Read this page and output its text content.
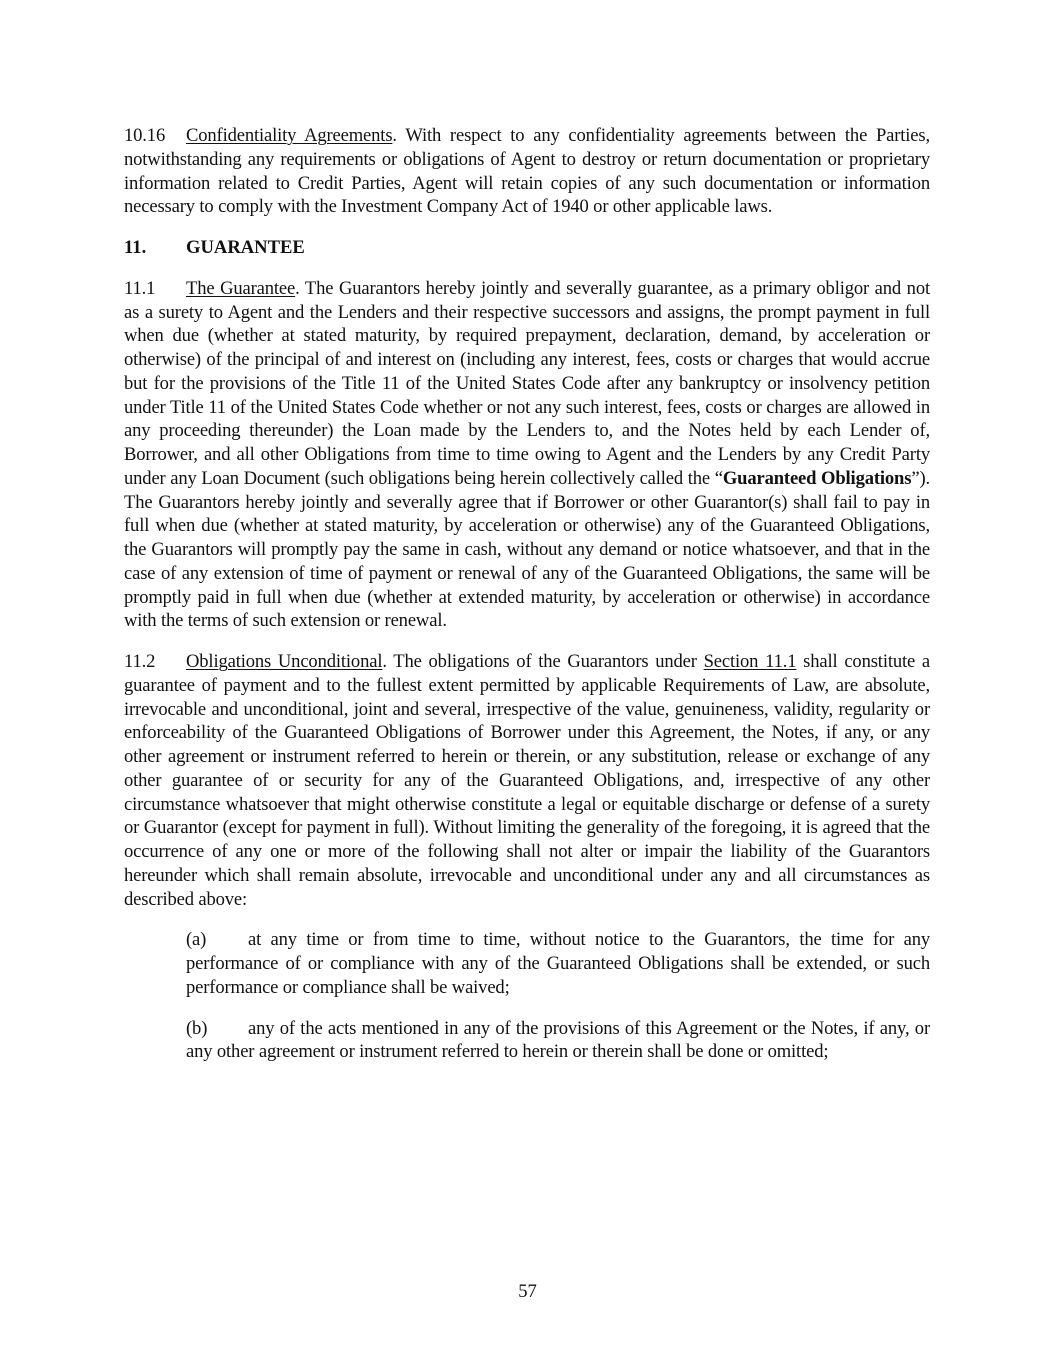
10.16 Confidentiality Agreements. With respect to any confidentiality agreements between the Parties, notwithstanding any requirements or obligations of Agent to destroy or return documentation or proprietary information related to Credit Parties, Agent will retain copies of any such documentation or information necessary to comply with the Investment Company Act of 1940 or other applicable laws.

11. GUARANTEE

11.1 The Guarantee. The Guarantors hereby jointly and severally guarantee, as a primary obligor and not as a surety to Agent and the Lenders and their respective successors and assigns, the prompt payment in full when due (whether at stated maturity, by required prepayment, declaration, demand, by acceleration or otherwise) of the principal of and interest on (including any interest, fees, costs or charges that would accrue but for the provisions of the Title 11 of the United States Code after any bankruptcy or insolvency petition under Title 11 of the United States Code whether or not any such interest, fees, costs or charges are allowed in any proceeding thereunder) the Loan made by the Lenders to, and the Notes held by each Lender of, Borrower, and all other Obligations from time to time owing to Agent and the Lenders by any Credit Party under any Loan Document (such obligations being herein collectively called the “Guaranteed Obligations”). The Guarantors hereby jointly and severally agree that if Borrower or other Guarantor(s) shall fail to pay in full when due (whether at stated maturity, by acceleration or otherwise) any of the Guaranteed Obligations, the Guarantors will promptly pay the same in cash, without any demand or notice whatsoever, and that in the case of any extension of time of payment or renewal of any of the Guaranteed Obligations, the same will be promptly paid in full when due (whether at extended maturity, by acceleration or otherwise) in accordance with the terms of such extension or renewal.

11.2 Obligations Unconditional. The obligations of the Guarantors under Section 11.1 shall constitute a guarantee of payment and to the fullest extent permitted by applicable Requirements of Law, are absolute, irrevocable and unconditional, joint and several, irrespective of the value, genuineness, validity, regularity or enforceability of the Guaranteed Obligations of Borrower under this Agreement, the Notes, if any, or any other agreement or instrument referred to herein or therein, or any substitution, release or exchange of any other guarantee of or security for any of the Guaranteed Obligations, and, irrespective of any other circumstance whatsoever that might otherwise constitute a legal or equitable discharge or defense of a surety or Guarantor (except for payment in full). Without limiting the generality of the foregoing, it is agreed that the occurrence of any one or more of the following shall not alter or impair the liability of the Guarantors hereunder which shall remain absolute, irrevocable and unconditional under any and all circumstances as described above:

(a) at any time or from time to time, without notice to the Guarantors, the time for any performance of or compliance with any of the Guaranteed Obligations shall be extended, or such performance or compliance shall be waived;

(b) any of the acts mentioned in any of the provisions of this Agreement or the Notes, if any, or any other agreement or instrument referred to herein or therein shall be done or omitted;

57
